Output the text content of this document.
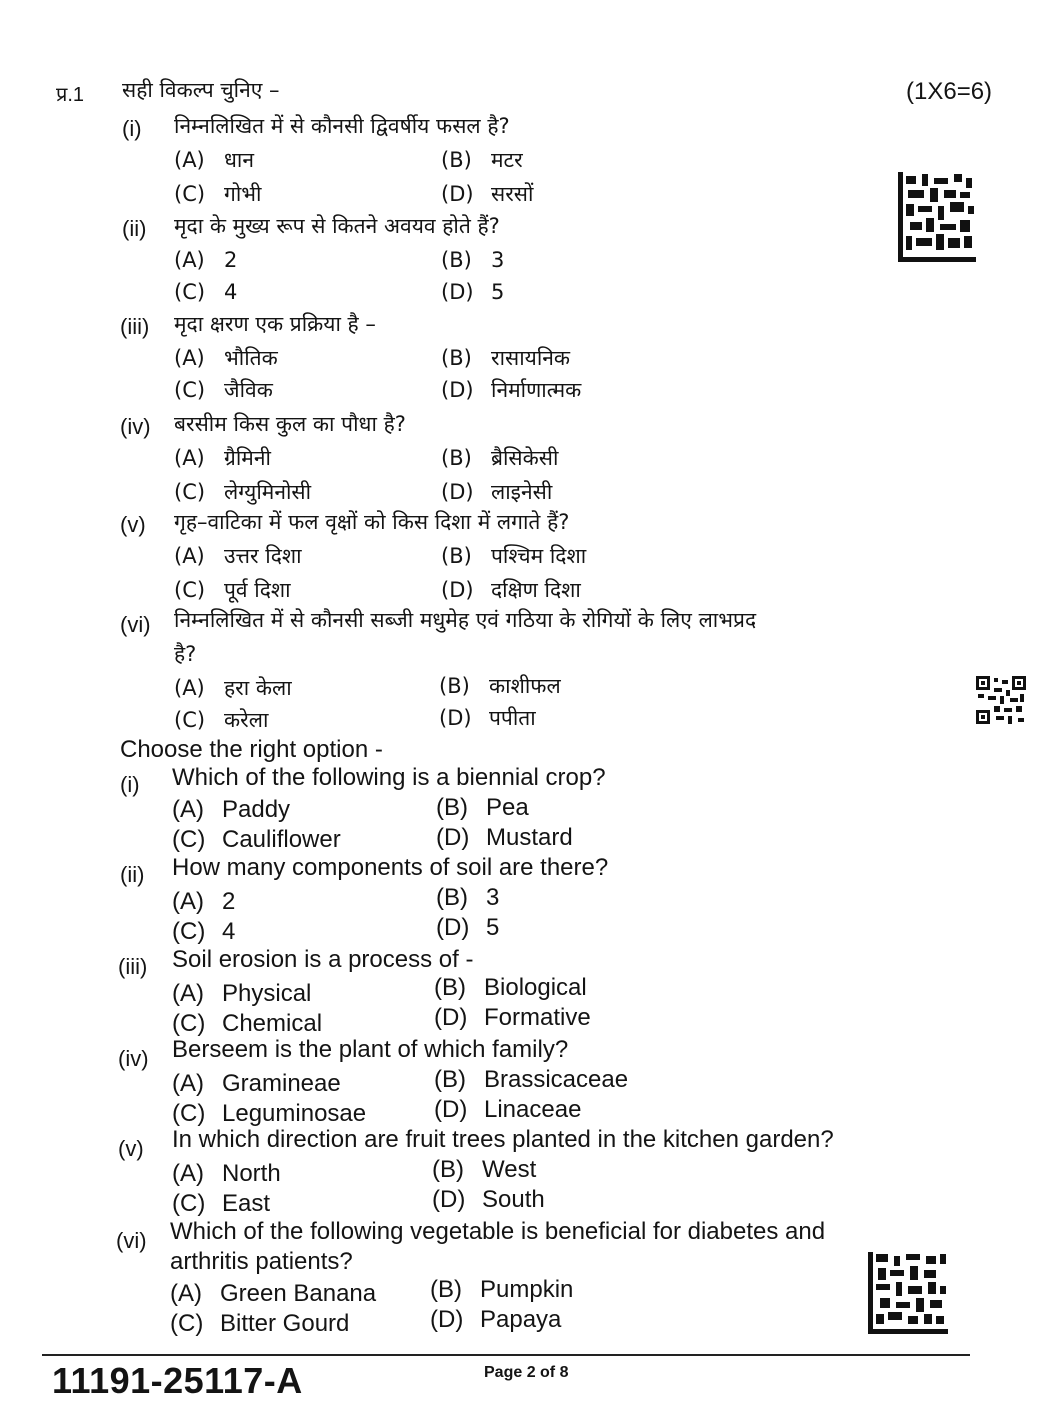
प्र.1 सही विकल्प चुनिए –	(1X6=6)
(i) निम्नलिखित में से कौनसी द्विवर्षीय फसल है?
(A) धान	(B) मटर
(C) गोभी	(D) सरसों
(ii) मृदा के मुख्य रूप से कितने अवयव होते हैं?
(A) 2	(B) 3
(C) 4	(D) 5
(iii) मृदा क्षरण एक प्रक्रिया है –
(A) भौतिक	(B) रासायनिक
(C) जैविक	(D) निर्माणात्मक
(iv) बरसीम किस कुल का पौधा है?
(A) ग्रैमिनी	(B) ब्रैसिकेसी
(C) लेग्युमिनोसी	(D) लाइनेसी
(v) गृह–वाटिका में फल वृक्षों को किस दिशा में लगाते हैं?
(A) उत्तर दिशा	(B) पश्चिम दिशा
(C) पूर्व दिशा	(D) दक्षिण दिशा
(vi) निम्नलिखित में से कौनसी सब्जी मधुमेह एवं गठिया के रोगियों के लिए लाभप्रद
है?
(A) हरा केला	(B) काशीफल
(C) करेला	(D) पपीता
Choose the right option -
(i) Which of the following is a biennial crop?
(A) Paddy	(B) Pea
(C) Cauliflower	(D) Mustard
(ii) How many components of soil are there?
(A) 2	(B) 3
(C) 4	(D) 5
(iii) Soil erosion is a process of -
(A) Physical	(B) Biological
(C) Chemical	(D) Formative
(iv) Berseem is the plant of which family?
(A) Gramineae	(B) Brassicaceae
(C) Leguminosae	(D) Linaceae
(v) In which direction are fruit trees planted in the kitchen garden?
(A) North	(B) West
(C) East	(D) South
(vi) Which of the following vegetable is beneficial for diabetes and
arthritis patients?
(A) Green Banana (B) Pumpkin
(C) Bitter Gourd	(D) Papaya
11191-25117-A	Page 2 of 8
